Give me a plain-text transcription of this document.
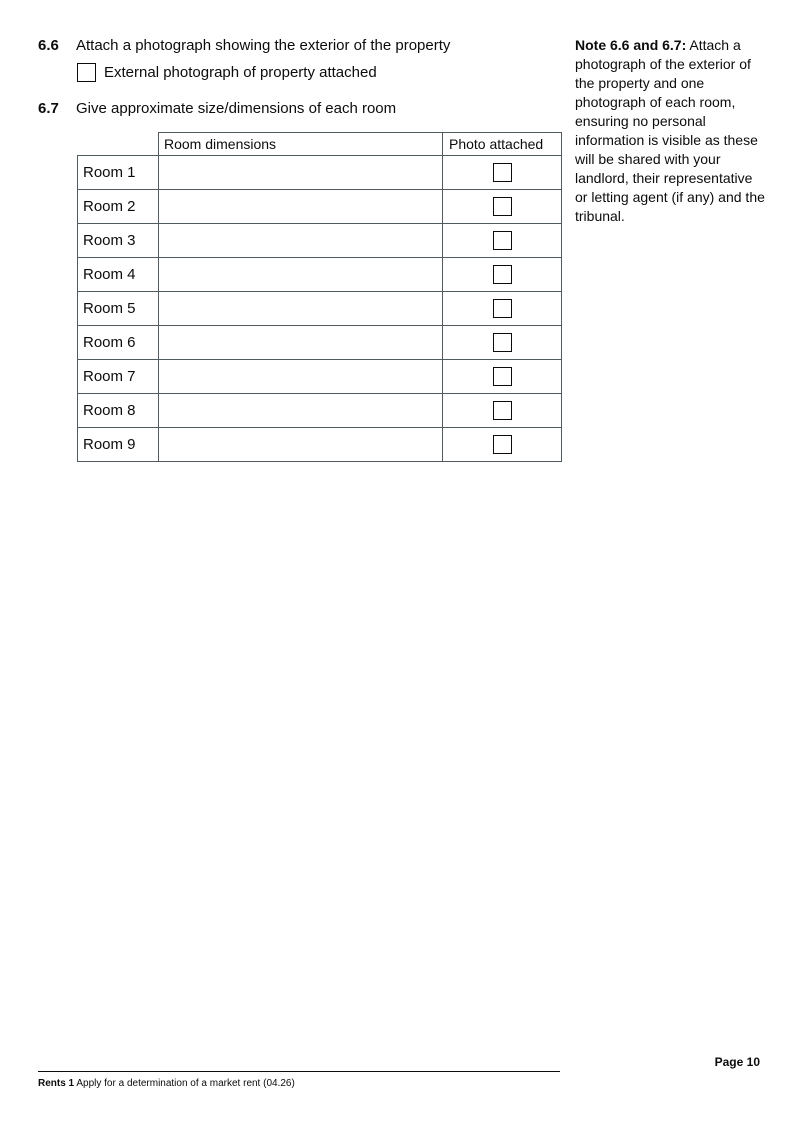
6.6 Attach a photograph showing the exterior of the property
External photograph of property attached
6.7 Give approximate size/dimensions of each room
	Room dimensions	Photo attached
Room 1		
Room 2		
Room 3		
Room 4		
Room 5		
Room 6		
Room 7		
Room 8		
Room 9		
Note 6.6 and 6.7: Attach a photograph of the exterior of the property and one photograph of each room, ensuring no personal information is visible as these will be shared with your landlord, their representative or letting agent (if any) and the tribunal.
Page 10
Rents 1 Apply for a determination of a market rent (04.26)
